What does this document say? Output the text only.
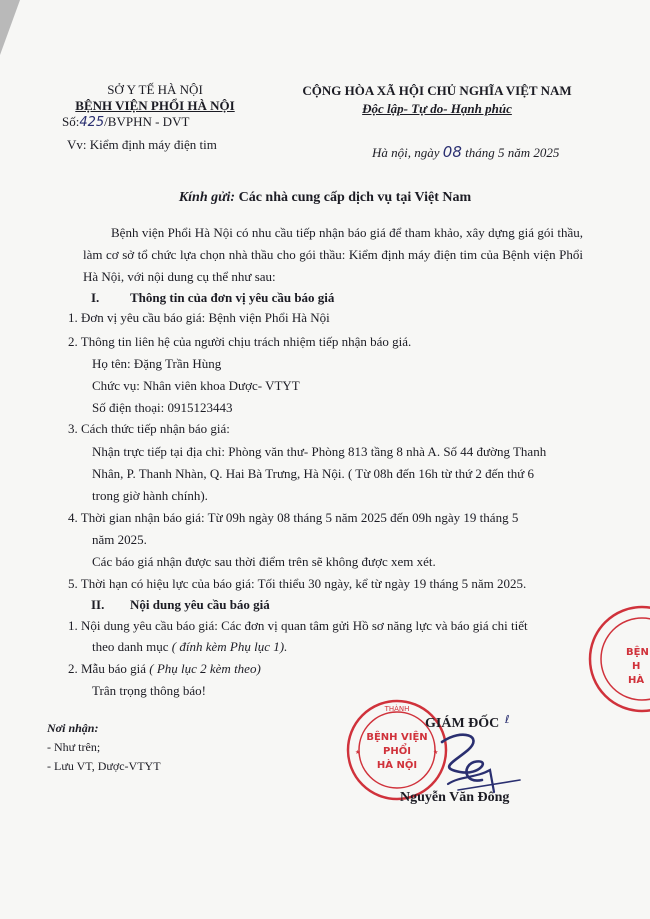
SỞ Y TẾ HÀ NỘI
BỆNH VIỆN PHỔI HÀ NỘI
Số:425/BVPHN - DVT
Vv: Kiểm định máy điện tim
CỘNG HÒA XÃ HỘI CHỦ NGHĨA VIỆT NAM
Độc lập- Tự do- Hạnh phúc
Hà nội, ngày 08 tháng 5 năm 2025
Kính gửi: Các nhà cung cấp dịch vụ tại Việt Nam
Bệnh viện Phổi Hà Nội có nhu cầu tiếp nhận báo giá để tham khảo, xây dựng giá gói thầu, làm cơ sở tổ chức lựa chọn nhà thầu cho gói thầu: Kiểm định máy điện tim của Bệnh viện Phổi Hà Nội, với nội dung cụ thể như sau:
I. Thông tin của đơn vị yêu cầu báo giá
1. Đơn vị yêu cầu báo giá: Bệnh viện Phổi Hà Nội
2. Thông tin liên hệ của người chịu trách nhiệm tiếp nhận báo giá.
Họ tên: Đặng Trần Hùng
Chức vụ: Nhân viên khoa Dược- VTYT
Số điện thoại: 0915123443
3. Cách thức tiếp nhận báo giá:
Nhận trực tiếp tại địa chỉ: Phòng văn thư- Phòng 813 tầng 8 nhà A. Số 44 đường Thanh
Nhân, P. Thanh Nhàn, Q. Hai Bà Trưng, Hà Nội. ( Từ 08h đến 16h từ thứ 2 đến thứ 6
trong giờ hành chính).
4. Thời gian nhận báo giá: Từ 09h ngày 08 tháng 5 năm 2025 đến 09h ngày 19 tháng 5
năm 2025.
Các báo giá nhận được sau thời điểm trên sẽ không được xem xét.
5. Thời hạn có hiệu lực của báo giá: Tối thiểu 30 ngày, kể từ ngày 19 tháng 5 năm 2025.
II. Nội dung yêu cầu báo giá
1. Nội dung yêu cầu báo giá: Các đơn vị quan tâm gửi Hồ sơ năng lực và báo giá chi tiết
theo danh mục ( đính kèm Phụ lục 1).
2. Mẫu báo giá ( Phụ lục 2 kèm theo)
Trân trọng thông báo!
Nơi nhận:
- Như trên;
- Lưu VT, Dược-VTYT
THÀNH
BỆNH VIỆN
PHỔI
HÀ NỘI
★	★
BỆN
H
HÀ
GIÁM ĐỐC ℓ
Nguyễn Văn Đông
